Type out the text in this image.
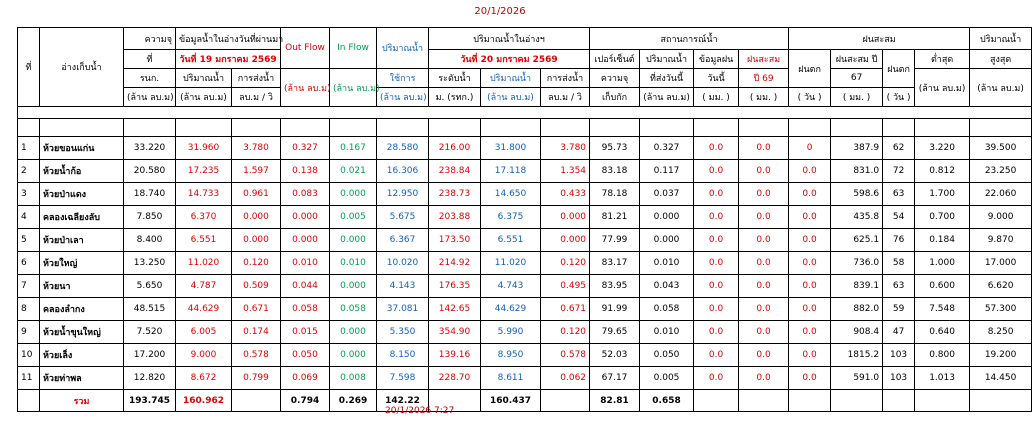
20/1/2026
ที่	อ่างเก็บน้ำ	ความจุ	ข้อมูลน้ำในอ่างวันที่ผ่านมา		Out Flow	In Flow	ปริมาณน้ำ	ปริมาณน้ำในอ่างฯ			สถานการณ์น้ำ				ฝนสะสม				ปริมาณน้ำ	
		ที่	วันที่ 19 มกราคม 2569					วันที่ 20 มกราคม 2569			เปอร์เซ็นต์	ปริมาณน้ำ	ข้อมูลฝน	ฝนสะสม	ฝนตก	ฝนสะสม ปี	ฝนตก	ต่ำสุด	สูงสุด	
		รนก.	ปริมาณน้ำ	การส่งน้ำ	(ล้าน ลบ.ม)	(ล้าน ลบ.ม)	ใช้การ	ระดับน้ำ	ปริมาณน้ำ	การส่งน้ำ	ความจุ	ที่ส่งวันนี้	วันนี้	ปี 69		67		(ล้าน ลบ.ม)	(ล้าน ลบ.ม)	
		(ล้าน ลบ.ม)	(ล้าน ลบ.ม)	ลบ.ม / วิ			(ล้าน ลบ.ม)	ม. (รทก.)	(ล้าน ลบ.ม)	ลบ.ม / วิ	เก็บกัก	(ล้าน ลบ.ม)	( มม. )	( มม. )	( วัน )	( มม. )	( วัน )			

1	ห้วยขอนแก่น	33.220	31.960	3.780	0.327	0.167	28.580	216.00	31.800	3.780	95.73	0.327	0.0	0.0	0	387.9	62	3.220	39.500	
2	ห้วยน้ำก้อ	20.580	17.235	1.597	0.138	0.021	16.306	238.84	17.118	1.354	83.18	0.117	0.0	0.0	0.0	831.0	72	0.812	23.250	
3	ห้วยป่าแดง	18.740	14.733	0.961	0.083	0.000	12.950	238.73	14.650	0.433	78.18	0.037	0.0	0.0	0.0	598.6	63	1.700	22.060	
4	คลองเฉลียงลับ	7.850	6.370	0.000	0.000	0.005	5.675	203.88	6.375	0.000	81.21	0.000	0.0	0.0	0.0	435.8	54	0.700	9.000	
5	ห้วยป่าเลา	8.400	6.551	0.000	0.000	0.000	6.367	173.50	6.551	0.000	77.99	0.000	0.0	0.0	0.0	625.1	76	0.184	9.870	
6	ห้วยใหญ่	13.250	11.020	0.120	0.010	0.010	10.020	214.92	11.020	0.120	83.17	0.010	0.0	0.0	0.0	736.0	58	1.000	17.000	
7	ห้วยนา	5.650	4.787	0.509	0.044	0.000	4.143	176.35	4.743	0.495	83.95	0.043	0.0	0.0	0.0	839.1	63	0.600	6.620	
8	คลองลำกง	48.515	44.629	0.671	0.058	0.058	37.081	142.65	44.629	0.671	91.99	0.058	0.0	0.0	0.0	882.0	59	7.548	57.300	
9	ห้วยน้ำขุนใหญ่	7.520	6.005	0.174	0.015	0.000	5.350	354.90	5.990	0.120	79.65	0.010	0.0	0.0	0.0	908.4	47	0.640	8.250	
10	ห้วยเล็ง	17.200	9.000	0.578	0.050	0.000	8.150	139.16	8.950	0.578	52.03	0.050	0.0	0.0	0.0	1815.2	103	0.800	19.200	
11	ห้วยท่าพล	12.820	8.672	0.799	0.069	0.008	7.598	228.70	8.611	0.062	67.17	0.005	0.0	0.0	0.0	591.0	103	1.013	14.450	
	รวม	193.745	160.962		0.794	0.269	142.22		160.437		82.81	0.658								
20/1/2026 7:27
